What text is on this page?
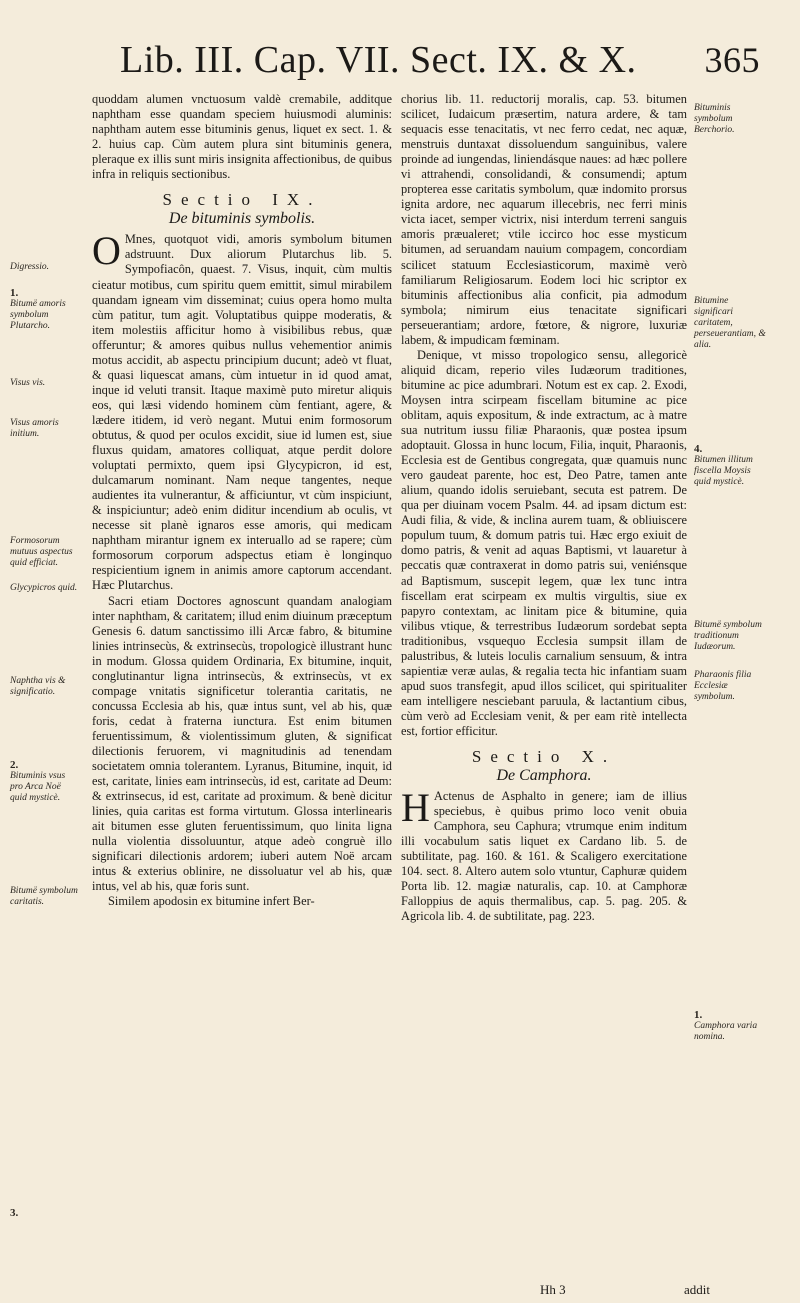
Lib. III. Cap. VII. Sect. IX. & X. 365

quoddam alumen vnctuosum valdè cremabile, additque naphtham esse quandam speciem huiusmodi aluminis: naphtham autem esse bituminis genus, liquet ex sect. 1. & 2. huius cap. Cùm autem plura sint bituminis genera, pleraque ex illis sunt miris insignita affectionibus, de quibus infra in reliquis sectionibus.

Sectio IX.
De bituminis symbolis.

O Mnes, quotquot vidi, amoris symbolum bitumen adstruunt. Dux aliorum Plutarchus lib. 5. Sympofiacôn, quaest. 7. Visus, inquit, cùm multis cieatur motibus, cum spiritu quem emittit, simul mirabilem quandam igneam vim disseminat; cuius opera homo multa cùm patitur, tum agit. Voluptatibus quippe moderatis, & item molestiis afficitur homo à visibilibus rebus, quæ offeruntur; & amores quibus nullus vehementior animis motus accidit, ab aspectu principium ducunt; adeò vt fluat, & quasi liquescat amans, cùm intuetur in id quod amat, inque id veluti transit. Itaque maximè puto miretur aliquis eos, qui læsi videndo hominem cùm fentiant, agere, & lædere itidem, id verò negant. Mutui enim formosorum obtutus, & quod per oculos excidit, siue id lumen est, siue fluxus quidam, amatores colliquat, atque perdit dolore voluptati permixto, quem ipsi Glycypicron, id est, dulcamarum nominant. Nam neque tangentes, neque audientes ita vulnerantur, & afficiuntur, vt cùm inspiciunt, & inspiciuntur; adeò enim diditur incendium ab oculis, vt necesse sit planè ignaros esse amoris, qui medicam naphtham mirantur ignem ex interuallo ad se rapere; cùm formosorum corporum adspectus etiam è longinquo respicientium ignem in animis amore captorum accendant. Hæc Plutarchus.

Sacri etiam Doctores agnoscunt quandam analogiam inter naphtham, & caritatem; illud enim diuinum præceptum Genesis 6. datum sanctissimo illi Arcæ fabro, & bitumine linies intrinsecùs, & extrinsecùs, tropologicè illustrant hunc in modum. Glossa quidem Ordinaria, Ex bitumine, inquit, conglutinantur ligna intrinsecùs, & extrinsecùs, vt ex compage vnitatis significetur tolerantia caritatis, ne concussa Ecclesia ab his, quæ intus sunt, vel ab his, quæ foris, cedat à fraterna iunctura. Est enim bitumen feruentissimum, & violentissimum gluten, & significat dilectionis feruorem, vi magnitudinis ad tenendam societatem omnia tolerantem. Lyranus, Bitumine, inquit, id est, caritate, linies eam intrinsecùs, id est, caritate ad Deum: & extrinsecus, id est, caritate ad proximum. & benè dicitur linies, quia caritas est forma virtutum. Glossa interlinearis ait bitumen esse gluten feruentissimum, quo linita ligna nulla violentia dissoluuntur, atque adeò congruè illo significari dilectionis ardorem; iuberi autem Noë arcam intus & exterius oblinire, ne dissoluatur vel ab his, quæ intus, vel ab his, quæ foris sunt.

Similem apodosin ex bitumine infert Ber-

chorius lib. 11. reductorij moralis, cap. 53. bitumen scilicet, Iudaicum præsertim, natura ardere, & tam sequacis esse tenacitatis, vt nec ferro cedat, nec aquæ, menstruis duntaxat dissoluendum sanguinibus, valere proinde ad iungendas, liniendásque naues: ad hæc pollere vi attrahendi, consolidandi, & consumendi; aptum propterea esse caritatis symbolum, quæ indomito prorsus ignita ardore, nec aquarum illecebris, nec ferri minis victa iacet, semper victrix, nisi interdum terreni sanguis amoris præualeret; vtile iccirco hoc esse mysticum bitumen, ad seruandam nauium compagem, concordiam scilicet statuum Ecclesiasticorum, maximè verò familiarum Religiosarum. Eodem loci hic scriptor ex bituminis affectionibus alia conficit, pia admodum symbola; nimirum eius tenacitate significari perseuerantiam; ardore, fœtore, & nigrore, luxuriæ labem, & impudicam fœminam.

Denique, vt misso tropologico sensu, allegoricè aliquid dicam, reperio viles Iudæorum traditiones, bitumine ac pice adumbrari. Notum est ex cap. 2. Exodi, Moysen intra scirpeam fiscellam bitumine ac pice oblitam, aquis expositum, & inde extractum, ac à matre sua nutritum iussu filiæ Pharaonis, quæ postea ipsum adoptauit. Glossa in hunc locum, Filia, inquit, Pharaonis, Ecclesia est de Gentibus congregata, quæ quamuis nunc vero gaudeat parente, hoc est, Deo Patre, tamen ante alium, quando idolis seruiebant, secuta est patrem. De qua per diuinam vocem Psalm. 44. ad ipsam dictum est: Audi filia, & vide, & inclina aurem tuam, & obliuiscere populum tuum, & domum patris tui. Hæc ergo exiuit de domo patris, & venit ad aquas Baptismi, vt lauaretur à peccatis quæ contraxerat in domo patris sui, veniénsque ad Baptismum, suscepit legem, quæ lex tunc intra fiscellam erat scirpeam ex multis virgultis, siue ex papyro contextam, ac linitam pice & bitumine, quia vilibus vtique, & terrestribus Iudæorum sordebat septa traditionibus, vsquequo Ecclesia sumpsit illam de palustribus, & luteis loculis carnalium sensuum, & intra sapientiæ veræ aulas, & regalia tecta hic infantiam suam apud suos transfegit, apud illos scilicet, qui spiritualiter eam intelligere nesciebant paruula, & lactantium cibus, cùm verò ad Ecclesiam venit, & per eam ritè intellecta est, fortior efficitur.

Sectio X.
De Camphora.

H Actenus de Asphalto in genere; iam de illius speciebus, è quibus primo loco venit obuia Camphora, seu Caphura; vtrumque enim inditum illi vocabulum satis liquet ex Cardano lib. 5. de subtilitate, pag. 160. & 161. & Scaligero exercitatione 104. sect. 8. Altero autem solo vtuntur, Caphuræ quidem Porta lib. 12. magiæ naturalis, cap. 10. at Camphoræ Falloppius de aquis thermalibus, cap. 5. pag. 205. & Agricola lib. 4. de subtilitate, pag. 223.

Digressio.
1.
Bitumë amoris symbolum Plutarcho.
Visus vis.
Visus amoris initium.
Formosorum mutuus aspectus quid efficiat.
Glycypicros quid.
Naphtha vis & significatio.
2.
Bituminis vsus pro Arca Noë quid mysticè.
Bitumë symbolum caritatis.
3.
Bituminis symbolum Berchorio.
Bitumine significari caritatem, perseuerantiam, & alia.
4.
Bitumen illitum fiscella Moysis quid mysticè.
Bitumë symbolum traditionum Iudæorum.
Pharaonis filia Ecclesiæ symbolum.
1.
Camphora varia nomina.
Hh 3	addit
